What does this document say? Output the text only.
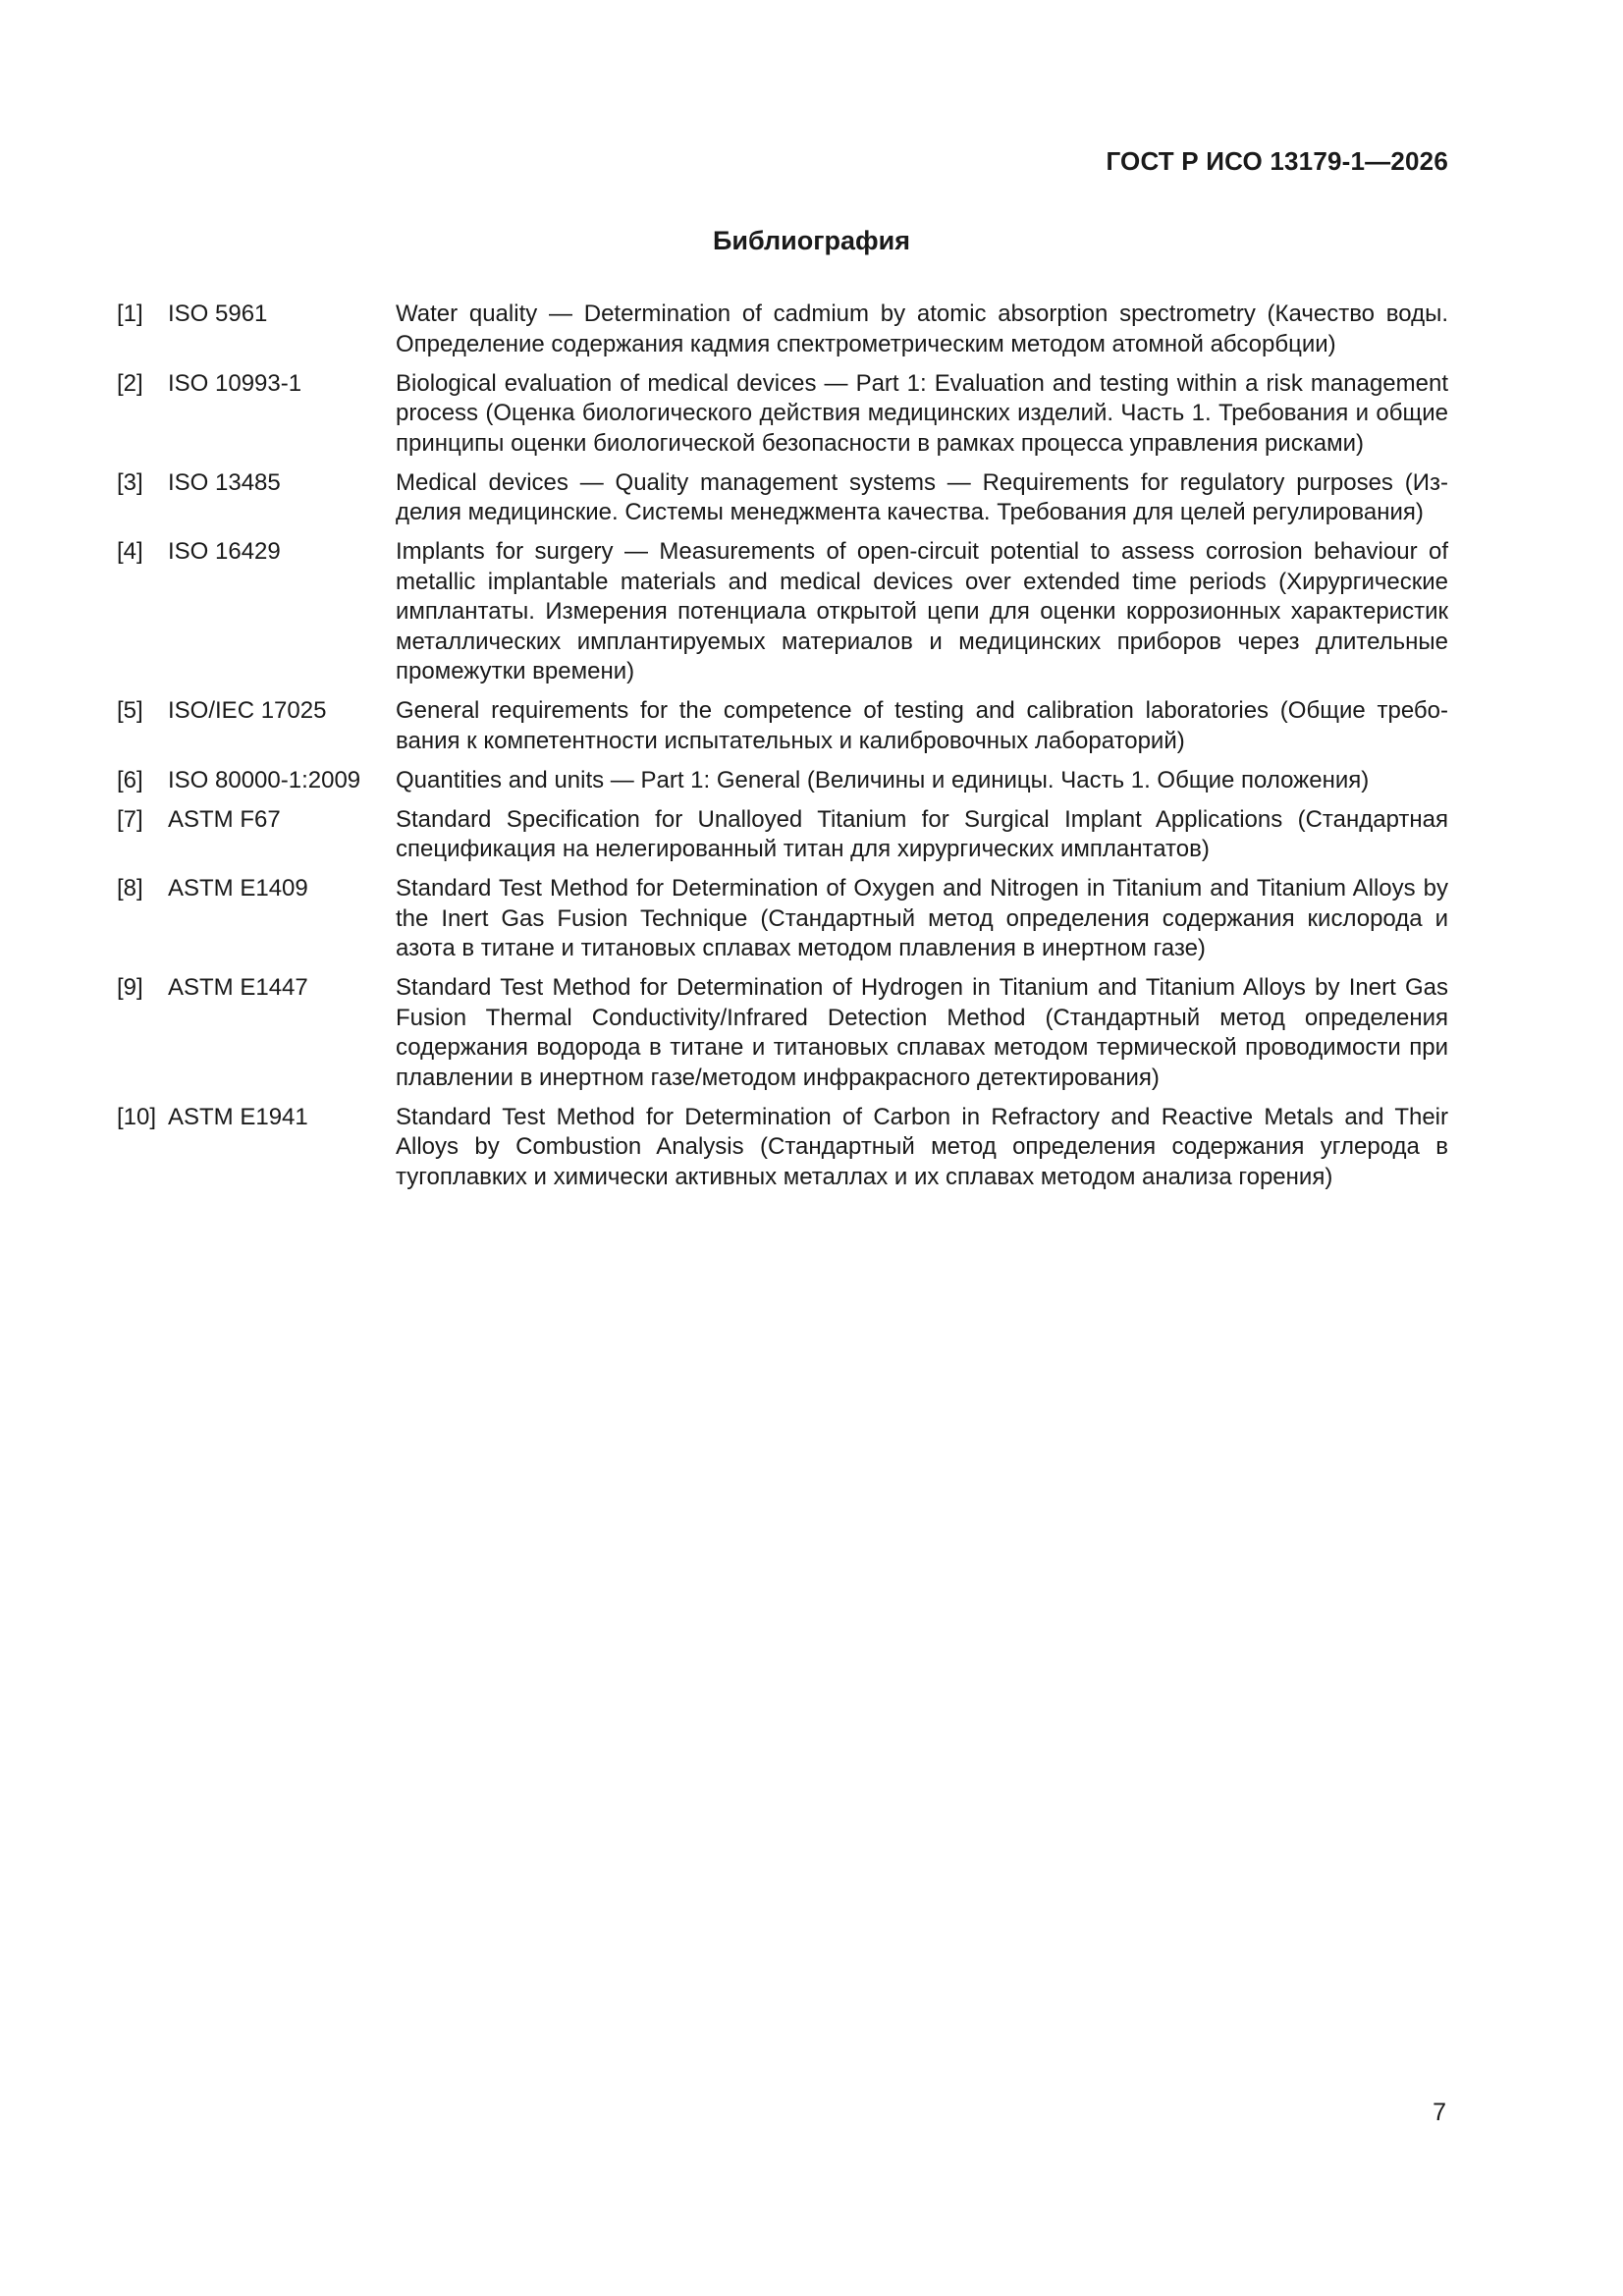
ГОСТ Р ИСО 13179-1—2026
Библиография
[1]	ISO 5961	Water quality — Determination of cadmium by atomic absorption spectrometry (Качество воды. Определение содержания кадмия спектрометрическим методом атомной абсорбции)
[2]	ISO 10993-1	Biological evaluation of medical devices — Part 1: Evaluation and testing within a risk management process (Оценка биологического действия медицинских изделий. Часть 1. Требования и общие принципы оценки биологической безопасности в рамках процесса управления рисками)
[3]	ISO 13485	Medical devices — Quality management systems — Requirements for regulatory purposes (Изделия медицинские. Системы менеджмента качества. Требования для целей регулирования)
[4]	ISO 16429	Implants for surgery — Measurements of open-circuit potential to assess corrosion behaviour of metallic implantable materials and medical devices over extended time periods (Хирургические имплантаты. Измерения потенциала открытой цепи для оценки коррозионных характеристик металлических имплантируемых материалов и медицинских приборов через длительные промежутки времени)
[5]	ISO/IEC 17025	General requirements for the competence of testing and calibration laboratories (Общие требования к компетентности испытательных и калибровочных лабораторий)
[6]	ISO 80000-1:2009	Quantities and units — Part 1: General (Величины и единицы. Часть 1. Общие положения)
[7]	ASTM F67	Standard Specification for Unalloyed Titanium for Surgical Implant Applications (Стандартная спецификация на нелегированный титан для хирургических имплантатов)
[8]	ASTM E1409	Standard Test Method for Determination of Oxygen and Nitrogen in Titanium and Titanium Alloys by the Inert Gas Fusion Technique (Стандартный метод определения содержания кислорода и азота в титане и титановых сплавах методом плавления в инертном газе)
[9]	ASTM E1447	Standard Test Method for Determination of Hydrogen in Titanium and Titanium Alloys by Inert Gas Fusion Thermal Conductivity/Infrared Detection Method (Стандартный метод определения содержания водорода в титане и титановых сплавах методом термической проводимости при плавлении в инертном газе/методом инфракрасного детектирования)
[10] ASTM E1941	Standard Test Method for Determination of Carbon in Refractory and Reactive Metals and Their Alloys by Combustion Analysis (Стандартный метод определения содержания углерода в тугоплавких и химически активных металлах и их сплавах методом анализа горения)
7
